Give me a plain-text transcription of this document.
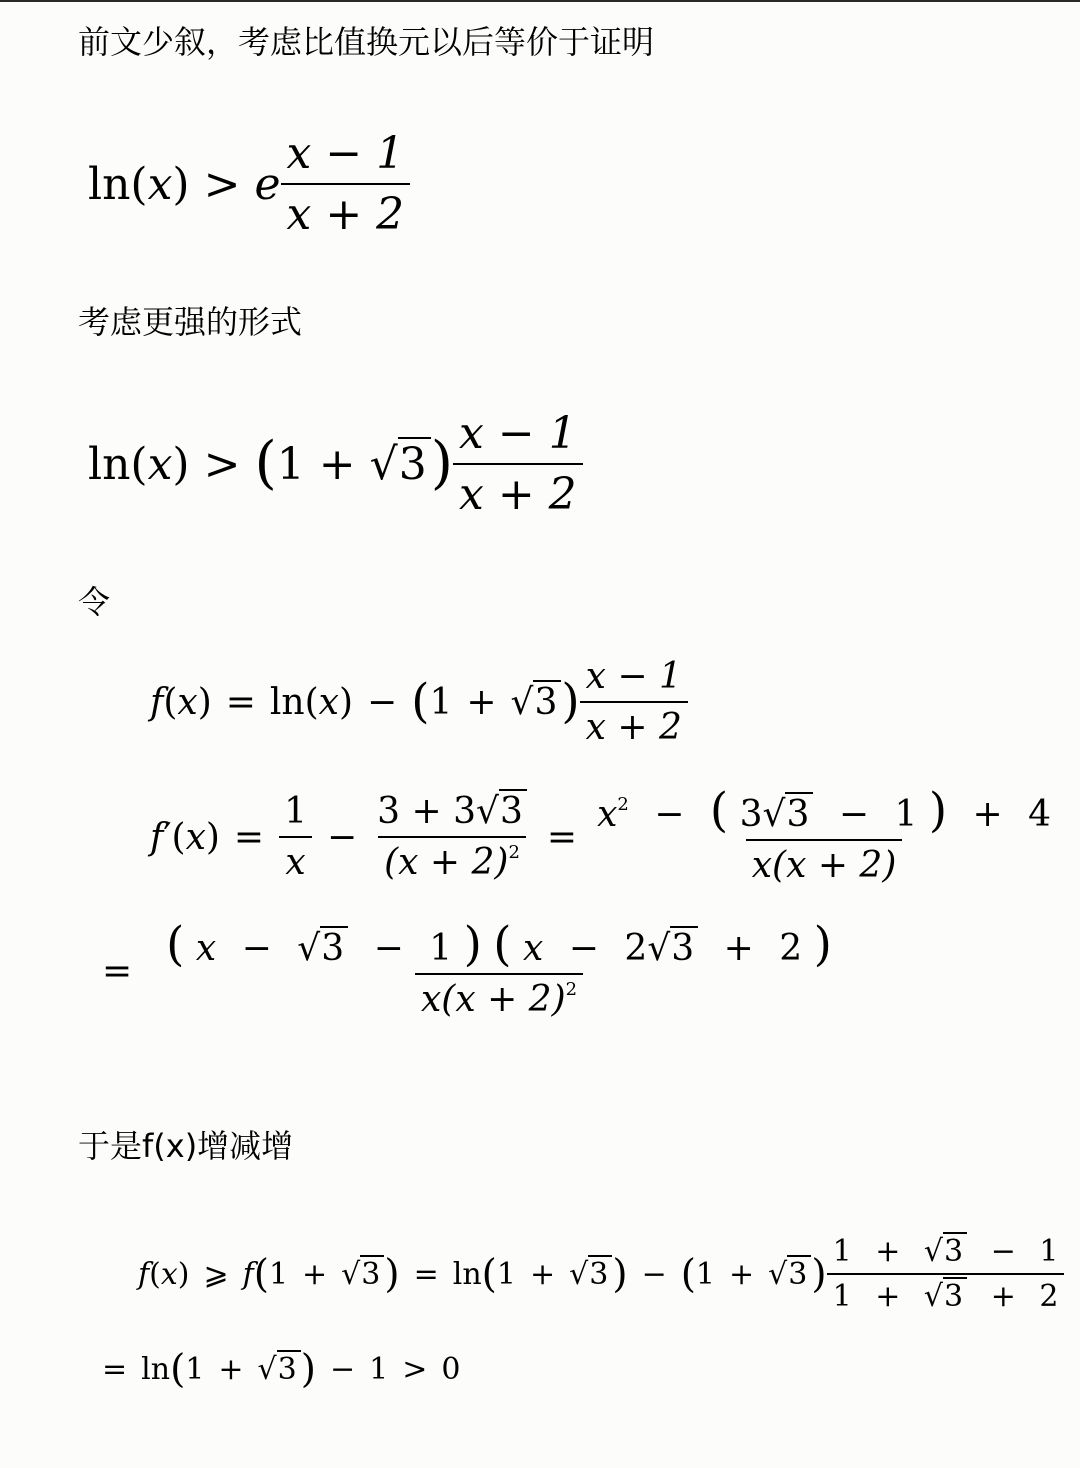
前文少叙，考虑比值换元以后等价于证明
ln ( x ) > e $\frac{x - 1}{x + 2}$
考虑更强的形式
ln ( x ) > ( 1 + √3 ) $\frac{x - 1}{x + 2}$
令
f ( x ) = ln ( x ) − ( 1 + √3 ) $\frac{x - 1}{x + 2}$
f ′ ( x ) = $\frac{1}{x} - \frac{3 + 3√3}{(x + 2)^2}$ =
$x^2$ − ( 3√3 − 1 ) + 4
x(x + 2)
= ( x − √3 − 1 ) ( x − 2√3 + 2 )
$x(x + 2)^2$
于是f(x)增减增
f ( x ) ⩾ f ( 1 + √3 ) = ln ( 1 + √3 ) − ( 1 + √3 ) $\frac{1 + √3 - 1}{1 + √3 + 2}$
= ln ( 1 + √3 ) − 1 > 0
